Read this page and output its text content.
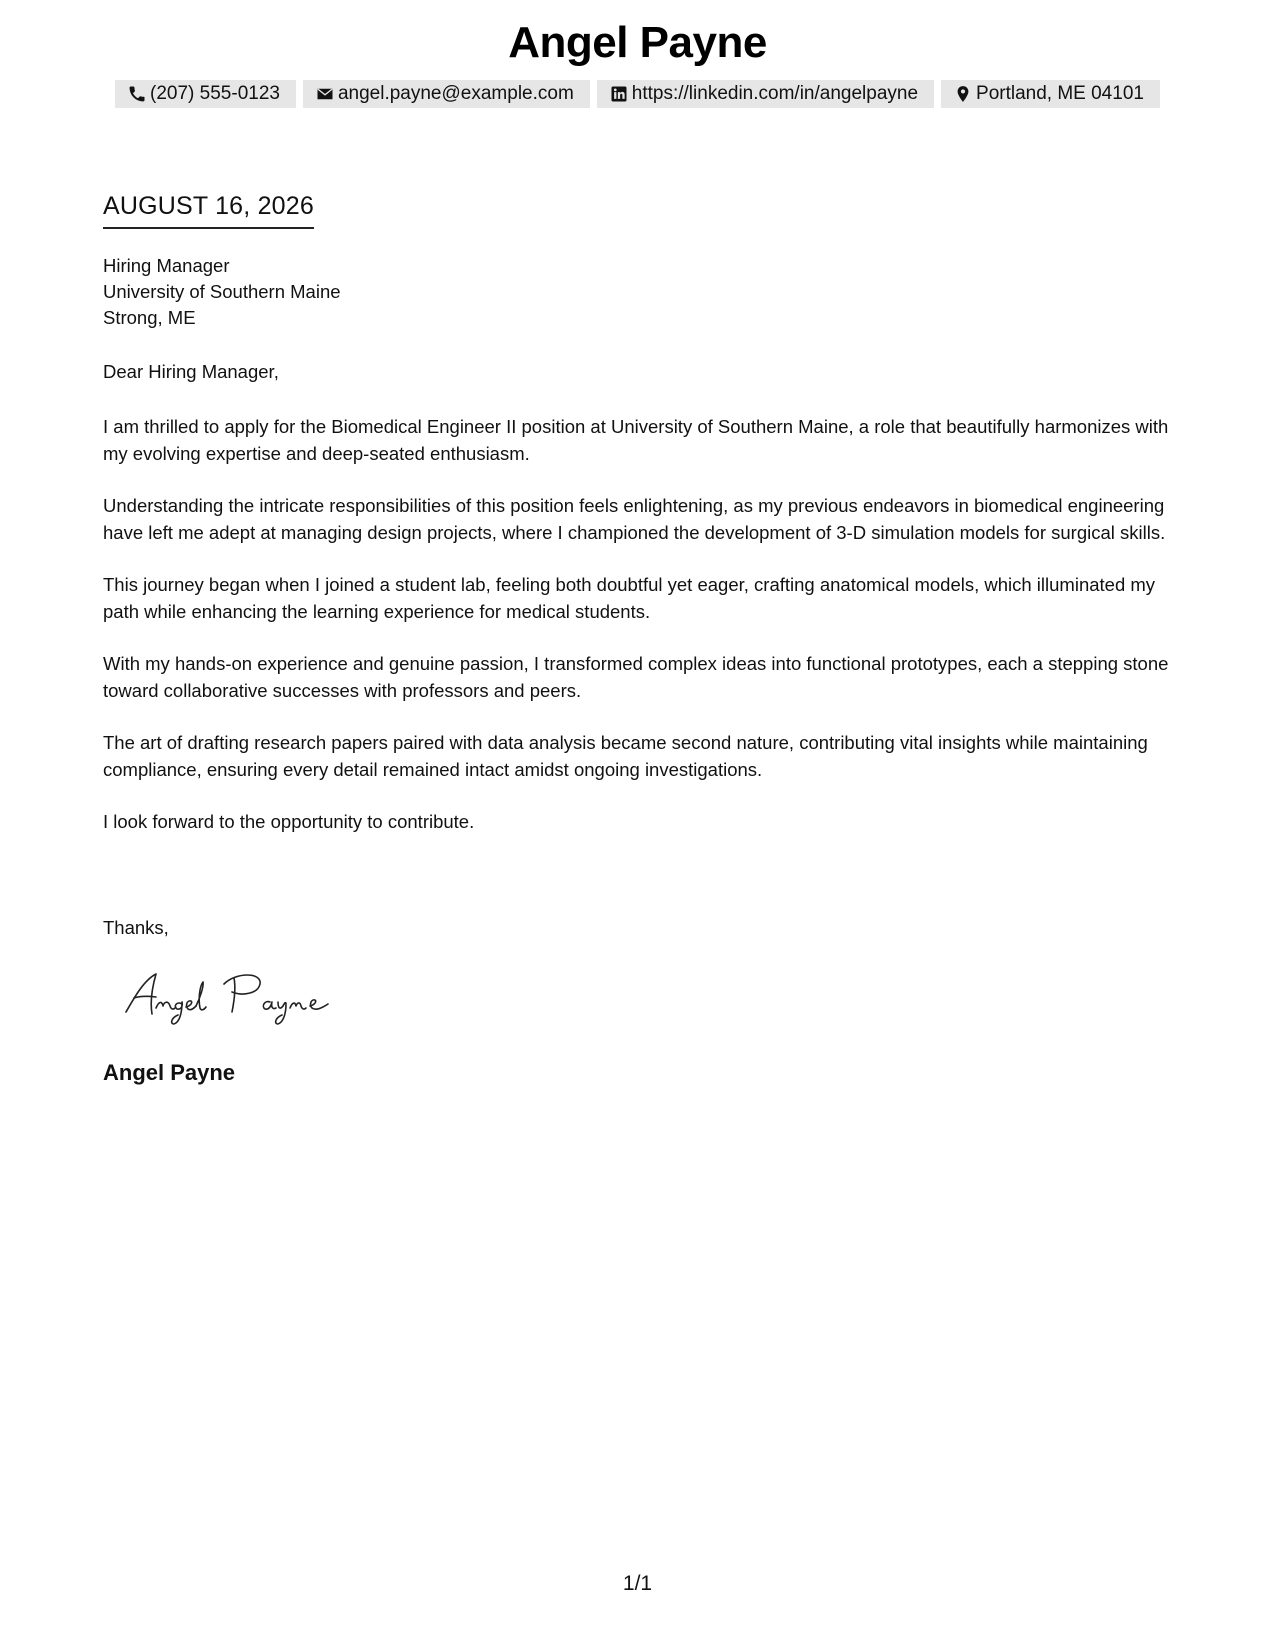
Angel Payne
(207) 555-0123	angel.payne@example.com	https://linkedin.com/in/angelpayne	Portland, ME 04101
AUGUST 16, 2026
Hiring Manager
University of Southern Maine
Strong, ME
Dear Hiring Manager,

I am thrilled to apply for the Biomedical Engineer II position at University of Southern Maine, a role that beautifully harmonizes with my evolving expertise and deep-seated enthusiasm.

Understanding the intricate responsibilities of this position feels enlightening, as my previous endeavors in biomedical engineering have left me adept at managing design projects, where I championed the development of 3-D simulation models for surgical skills.

This journey began when I joined a student lab, feeling both doubtful yet eager, crafting anatomical models, which illuminated my path while enhancing the learning experience for medical students.

With my hands-on experience and genuine passion, I transformed complex ideas into functional prototypes, each a stepping stone toward collaborative successes with professors and peers.

The art of drafting research papers paired with data analysis became second nature, contributing vital insights while maintaining compliance, ensuring every detail remained intact amidst ongoing investigations.

I look forward to the opportunity to contribute.

Thanks,
Angel Payne
1/1
